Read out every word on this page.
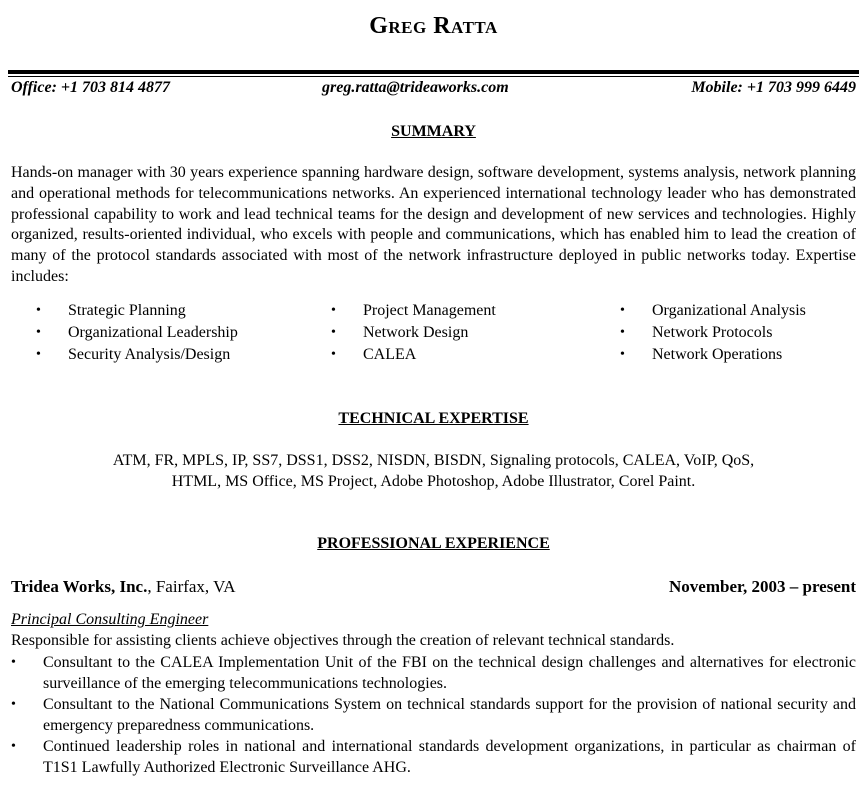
Greg Ratta
Office: +1 703 814 4877	greg.ratta@trideaworks.com	Mobile: +1 703 999 6449
SUMMARY
Hands-on manager with 30 years experience spanning hardware design, software development, systems analysis, network planning and operational methods for telecommunications networks. An experienced international technology leader who has demonstrated professional capability to work and lead technical teams for the design and development of new services and technologies. Highly organized, results-oriented individual, who excels with people and communications, which has enabled him to lead the creation of many of the protocol standards associated with most of the network infrastructure deployed in public networks today. Expertise includes:
• Strategic Planning
• Organizational Leadership
• Security Analysis/Design
• Project Management
• Network Design
• CALEA
• Organizational Analysis
• Network Protocols
• Network Operations
TECHNICAL EXPERTISE
ATM, FR, MPLS, IP, SS7, DSS1, DSS2, NISDN, BISDN, Signaling protocols, CALEA, VoIP, QoS,
HTML, MS Office, MS Project, Adobe Photoshop, Adobe Illustrator, Corel Paint.
PROFESSIONAL EXPERIENCE
Tridea Works, Inc., Fairfax, VA	November, 2003 – present
Principal Consulting Engineer
Responsible for assisting clients achieve objectives through the creation of relevant technical standards.
• Consultant to the CALEA Implementation Unit of the FBI on the technical design challenges and alternatives for electronic surveillance of the emerging telecommunications technologies.
• Consultant to the National Communications System on technical standards support for the provision of national security and emergency preparedness communications.
• Continued leadership roles in national and international standards development organizations, in particular as chairman of T1S1 Lawfully Authorized Electronic Surveillance AHG.
